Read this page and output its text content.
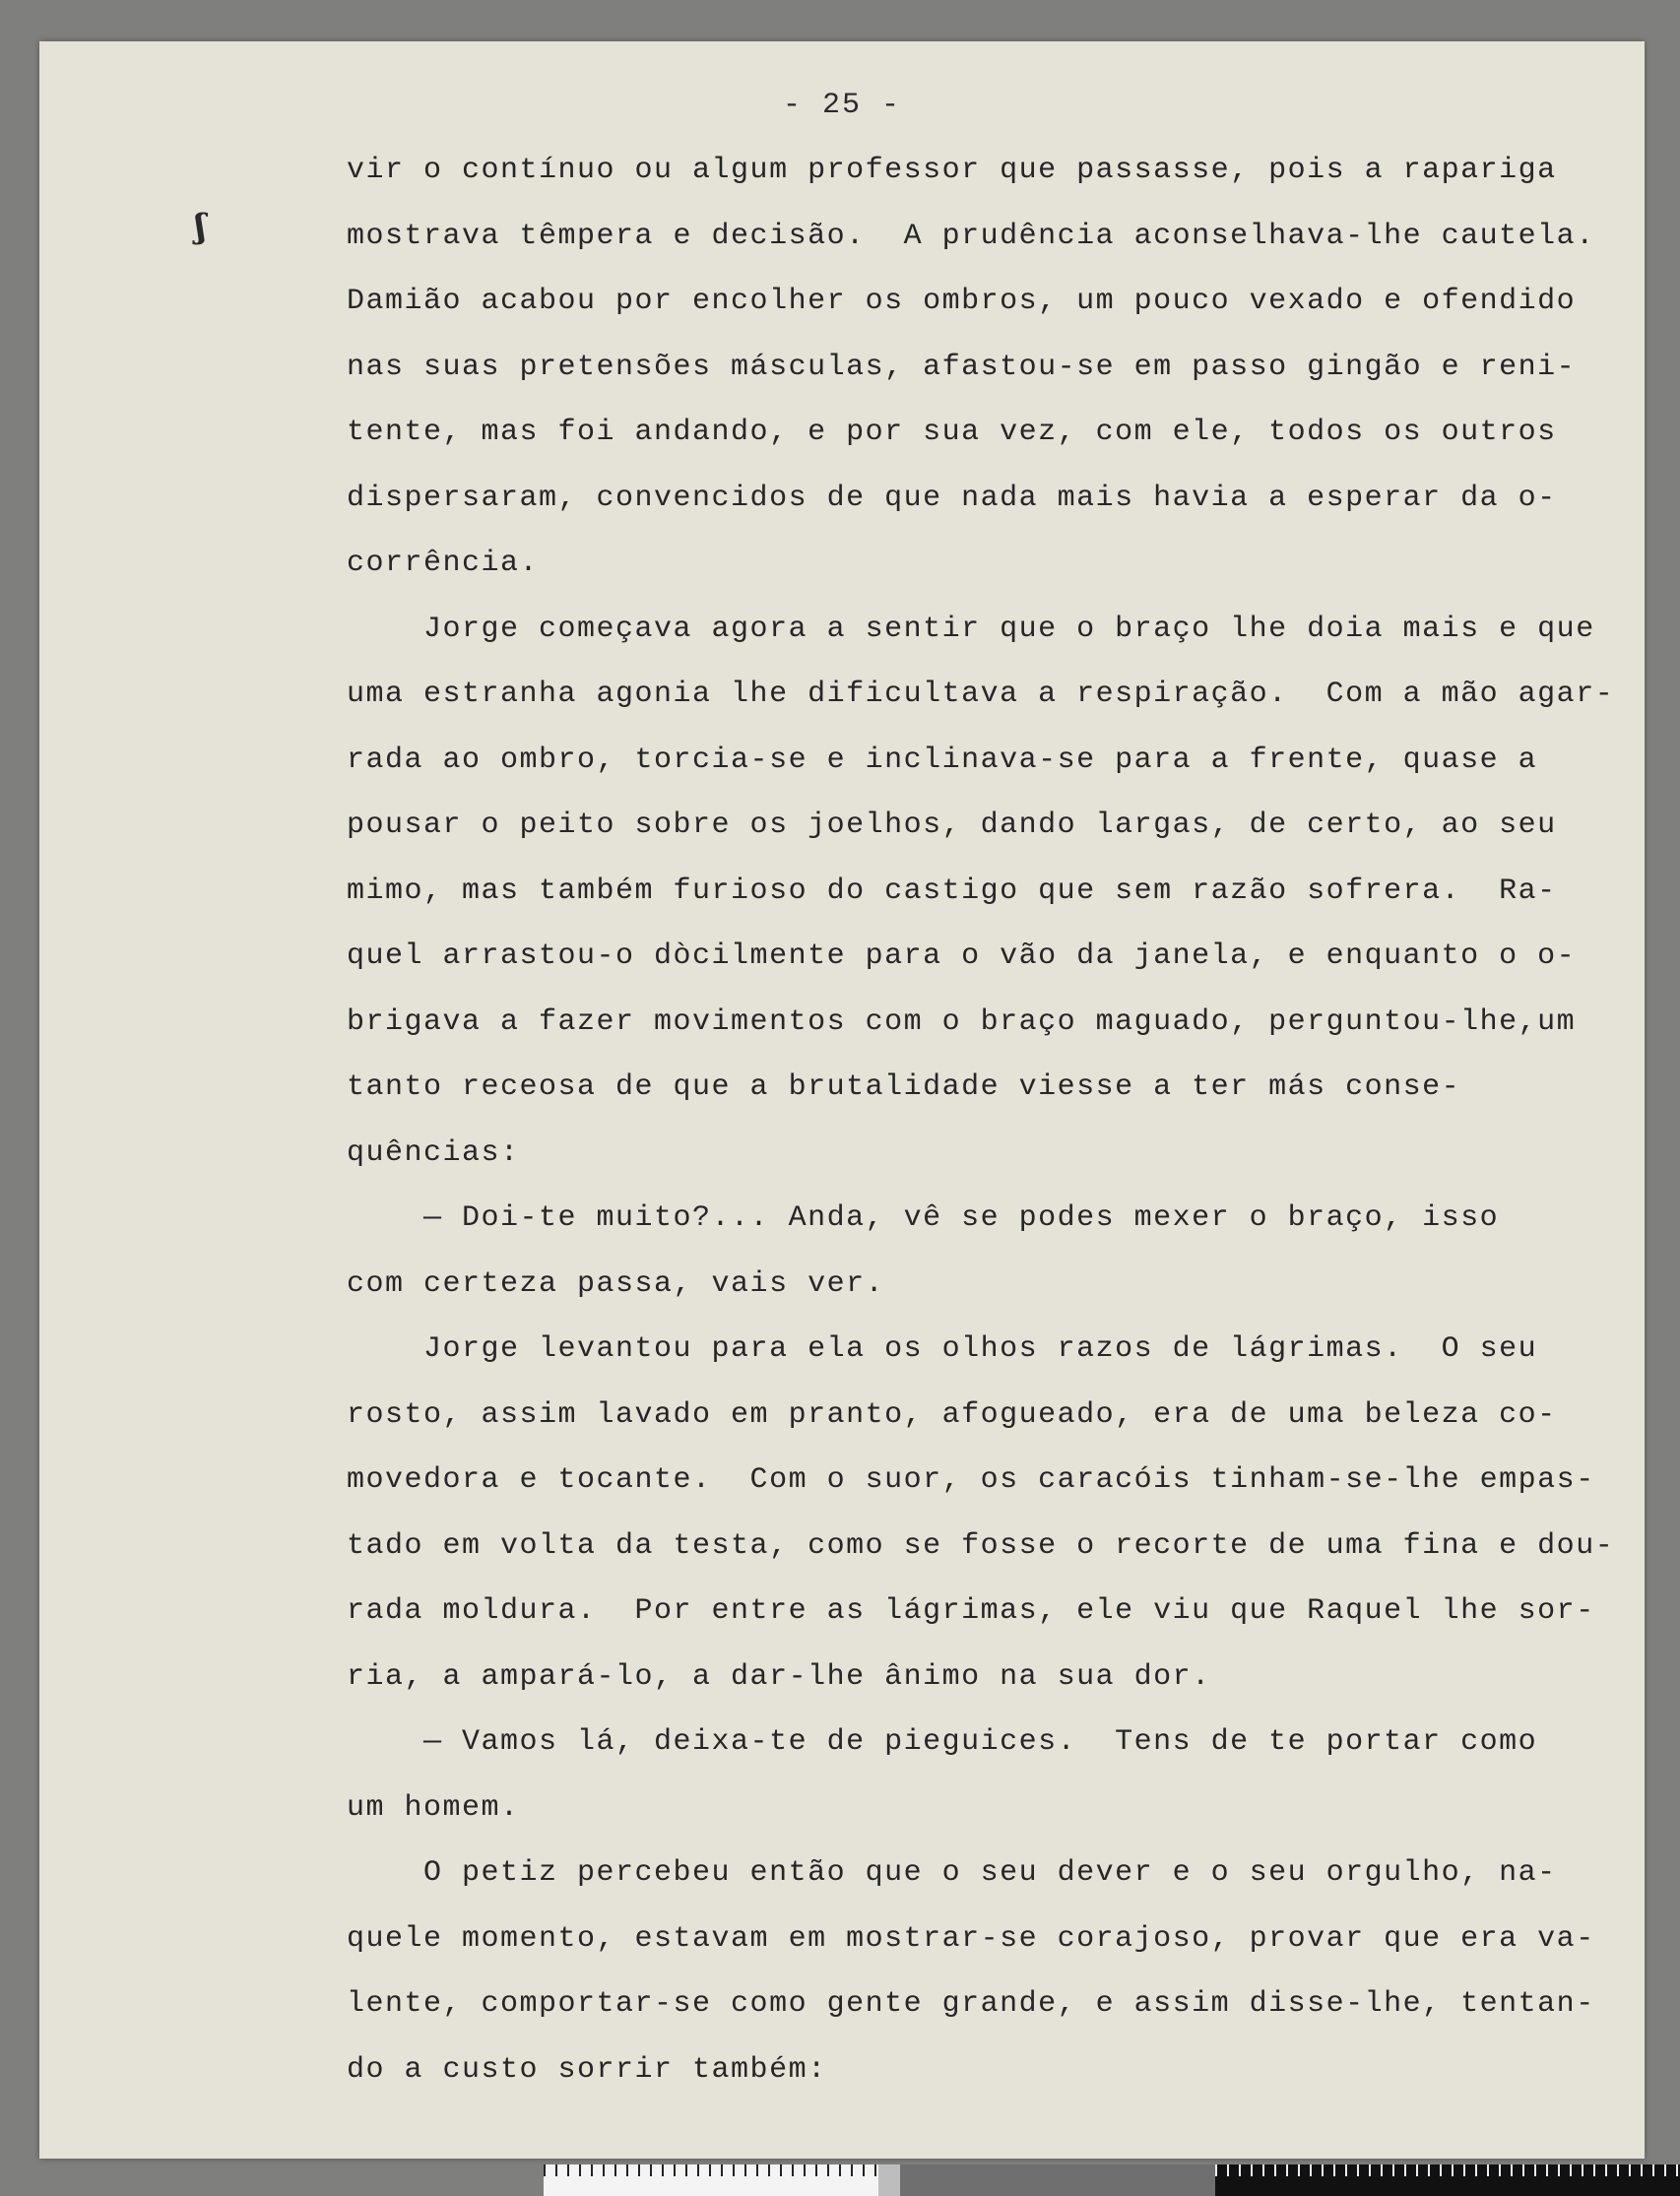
- 25 -
ʃ
vir o contínuo ou algum professor que passasse, pois a rapariga
mostrava têmpera e decisão.  A prudência aconselhava-lhe cautela.
Damião acabou por encolher os ombros, um pouco vexado e ofendido
nas suas pretensões másculas, afastou-se em passo gingão e reni-
tente, mas foi andando, e por sua vez, com ele, todos os outros
dispersaram, convencidos de que nada mais havia a esperar da o-
corrência.
Jorge começava agora a sentir que o braço lhe doia mais e que
uma estranha agonia lhe dificultava a respiração.  Com a mão agar-
rada ao ombro, torcia-se e inclinava-se para a frente, quase a
pousar o peito sobre os joelhos, dando largas, de certo, ao seu
mimo, mas também furioso do castigo que sem razão sofrera.  Ra-
quel arrastou-o dòcilmente para o vão da janela, e enquanto o o-
brigava a fazer movimentos com o braço maguado, perguntou-lhe,um
tanto receosa de que a brutalidade viesse a ter más conse-
quências:
— Doi-te muito?... Anda, vê se podes mexer o braço, isso
com certeza passa, vais ver.
Jorge levantou para ela os olhos razos de lágrimas.  O seu
rosto, assim lavado em pranto, afogueado, era de uma beleza co-
movedora e tocante.  Com o suor, os caracóis tinham-se-lhe empas-
tado em volta da testa, como se fosse o recorte de uma fina e dou-
rada moldura.  Por entre as lágrimas, ele viu que Raquel lhe sor-
ria, a ampará-lo, a dar-lhe ânimo na sua dor.
— Vamos lá, deixa-te de pieguices.  Tens de te portar como
um homem.
O petiz percebeu então que o seu dever e o seu orgulho, na-
quele momento, estavam em mostrar-se corajoso, provar que era va-
lente, comportar-se como gente grande, e assim disse-lhe, tentan-
do a custo sorrir também:
